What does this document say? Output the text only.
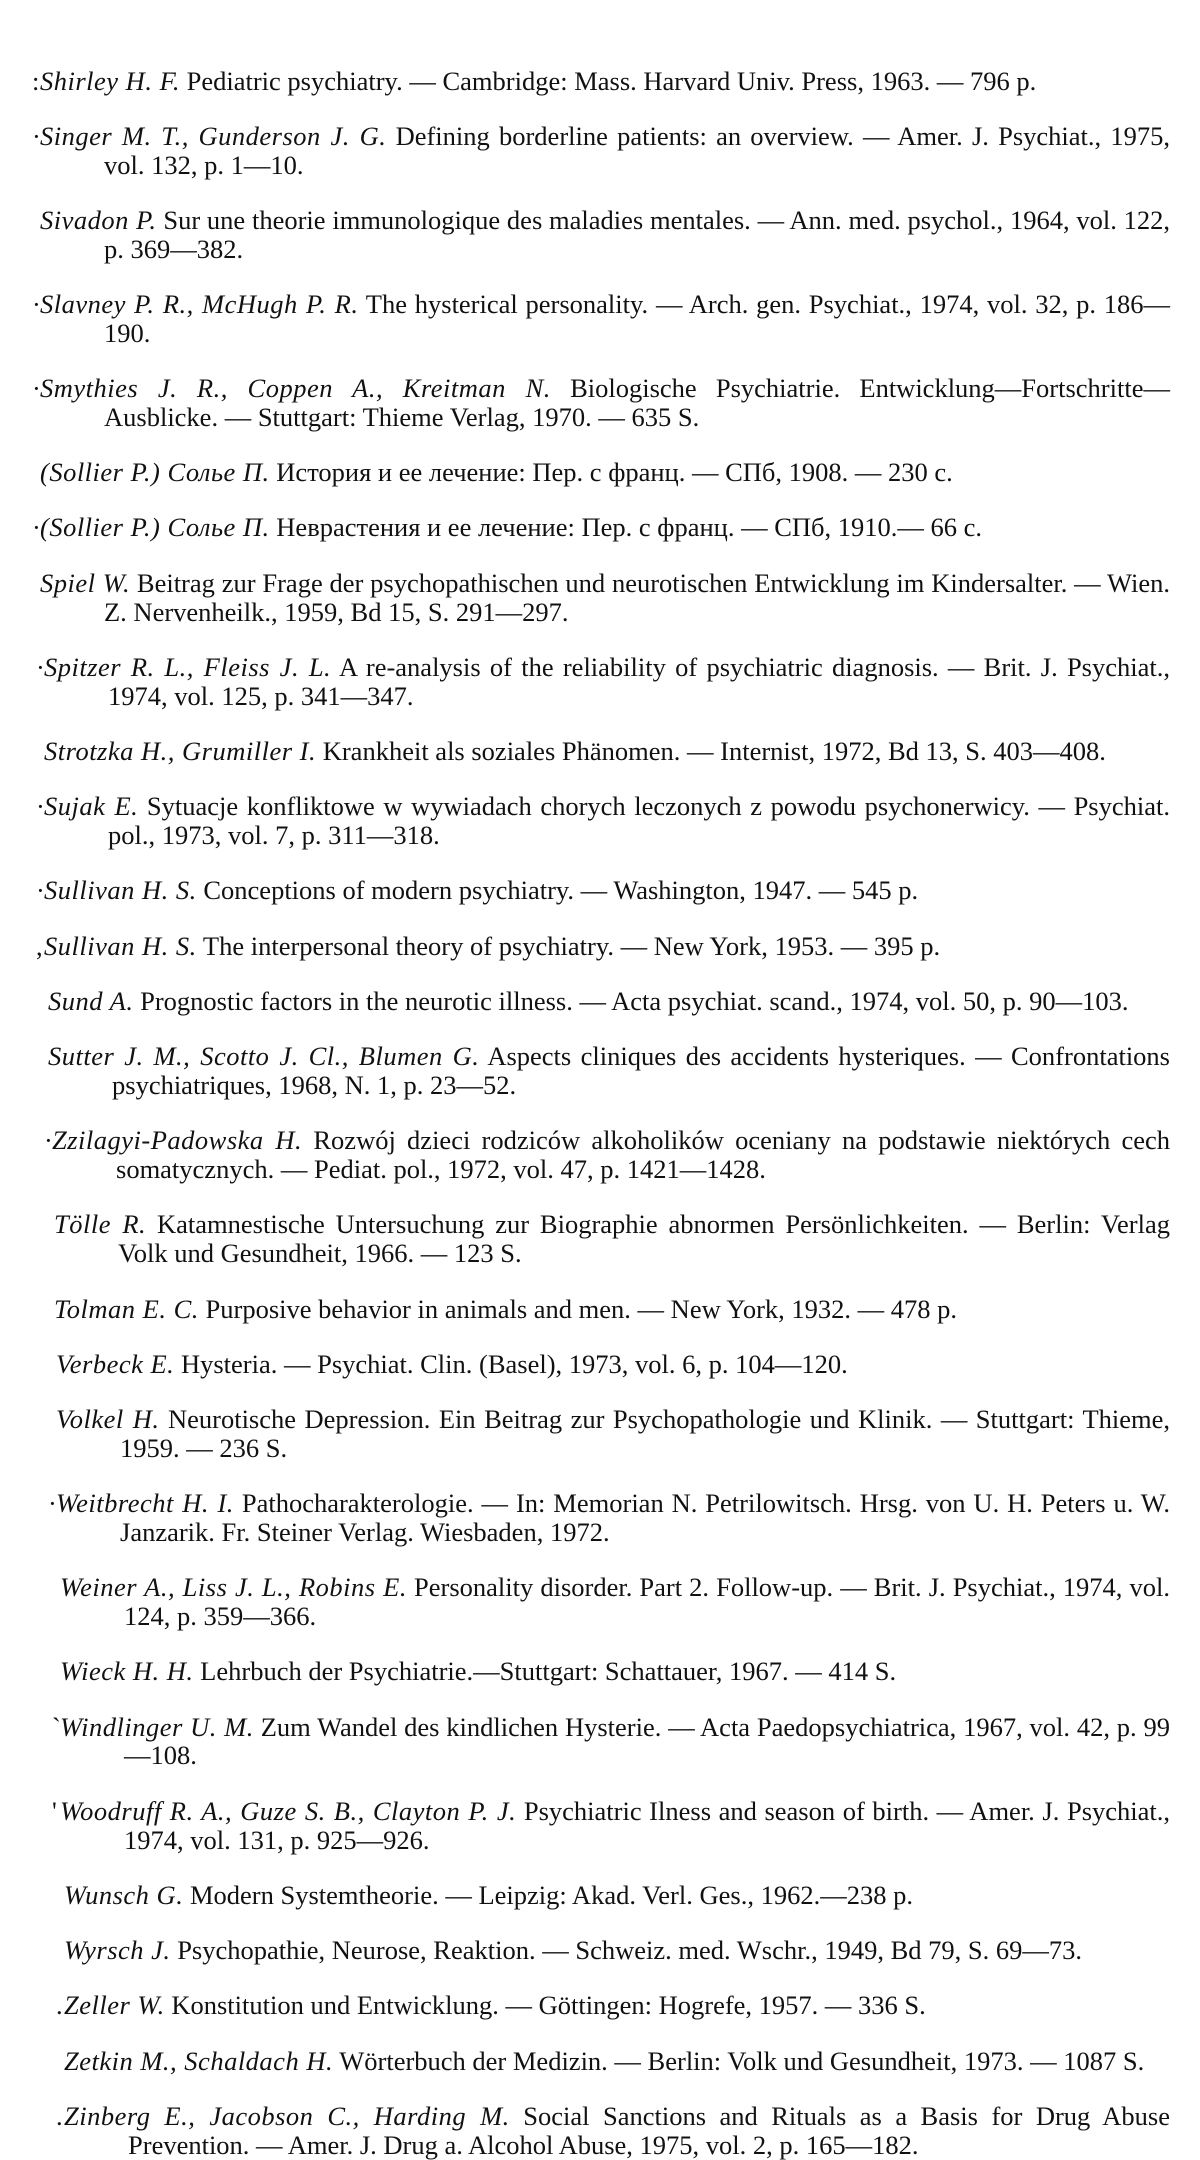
:Shirley H. F. Pediatric psychiatry. — Cambridge: Mass. Harvard Univ. Press, 1963. — 796 p.

·Singer M. T., Gunderson J. G. Defining borderline patients: an overview. — Amer. J. Psychiat., 1975, vol. 132, p. 1—10.

Sivadon P. Sur une theorie immunologique des maladies mentales. — Ann. med. psychol., 1964, vol. 122, p. 369—382.

·Slavney P. R., McHugh P. R. The hysterical personality. — Arch. gen. Psychiat., 1974, vol. 32, p. 186—190.

·Smythies J. R., Coppen A., Kreitman N. Biologische Psychiatrie. Entwicklung—Fortschritte—Ausblicke. — Stuttgart: Thieme Verlag, 1970. — 635 S.

(Sollier P.) Солье П. История и ее лечение: Пер. с франц. — СПб, 1908. — 230 с.

·(Sollier P.) Солье П. Неврастения и ее лечение: Пер. с франц. — СПб, 1910.— 66 с.

Spiel W. Beitrag zur Frage der psychopathischen und neurotischen Entwicklung im Kindersalter. — Wien. Z. Nervenheilk., 1959, Bd 15, S. 291—297.

·Spitzer R. L., Fleiss J. L. A re-analysis of the reliability of psychiatric diagnosis. — Brit. J. Psychiat., 1974, vol. 125, p. 341—347.

Strotzka H., Grumiller I. Krankheit als soziales Phänomen. — Internist, 1972, Bd 13, S. 403—408.

·Sujak E. Sytuacje konfliktowe w wywiadach chorych leczonych z powodu psychonerwicy. — Psychiat. pol., 1973, vol. 7, p. 311—318.

·Sullivan H. S. Conceptions of modern psychiatry. — Washington, 1947. — 545 p.

,Sullivan H. S. The interpersonal theory of psychiatry. — New York, 1953. — 395 p.

Sund A. Prognostic factors in the neurotic illness. — Acta psychiat. scand., 1974, vol. 50, p. 90—103.

Sutter J. M., Scotto J. Cl., Blumen G. Aspects cliniques des accidents hysteriques. — Confrontations psychiatriques, 1968, N. 1, p. 23—52.

·Zzilagyi-Padowska H. Rozwój dzieci rodziców alkoholików oceniany na podstawie niektórych cech somatycznych. — Pediat. pol., 1972, vol. 47, p. 1421—1428.

Tölle R. Katamnestische Untersuchung zur Biographie abnormen Persönlichkeiten. — Berlin: Verlag Volk und Gesundheit, 1966. — 123 S.

Tolman E. C. Purposive behavior in animals and men. — New York, 1932. — 478 p.

Verbeck E. Hysteria. — Psychiat. Clin. (Basel), 1973, vol. 6, p. 104—120.

Volkel H. Neurotische Depression. Ein Beitrag zur Psychopathologie und Klinik. — Stuttgart: Thieme, 1959. — 236 S.

·Weitbrecht H. I. Pathocharakterologie. — In: Memorian N. Petrilowitsch. Hrsg. von U. H. Peters u. W. Janzarik. Fr. Steiner Verlag. Wiesbaden, 1972.

Weiner A., Liss J. L., Robins E. Personality disorder. Part 2. Follow-up. — Brit. J. Psychiat., 1974, vol. 124, p. 359—366.

Wieck H. H. Lehrbuch der Psychiatrie.—Stuttgart: Schattauer, 1967. — 414 S.

`Windlinger U. M. Zum Wandel des kindlichen Hysterie. — Acta Paedopsychiatrica, 1967, vol. 42, p. 99—108.

' Woodruff R. A., Guze S. B., Clayton P. J. Psychiatric Ilness and season of birth. — Amer. J. Psychiat., 1974, vol. 131, p. 925—926.

Wunsch G. Modern Systemtheorie. — Leipzig: Akad. Verl. Ges., 1962.—238 p.

Wyrsch J. Psychopathie, Neurose, Reaktion. — Schweiz. med. Wschr., 1949, Bd 79, S. 69—73.

.Zeller W. Konstitution und Entwicklung. — Göttingen: Hogrefe, 1957. — 336 S.

Zetkin M., Schaldach H. Wörterbuch der Medizin. — Berlin: Volk und Gesundheit, 1973. — 1087 S.

.Zinberg E., Jacobson C., Harding M. Social Sanctions and Rituals as a Basis for Drug Abuse Prevention. — Amer. J. Drug a. Alcohol Abuse, 1975, vol. 2, p. 165—182.
